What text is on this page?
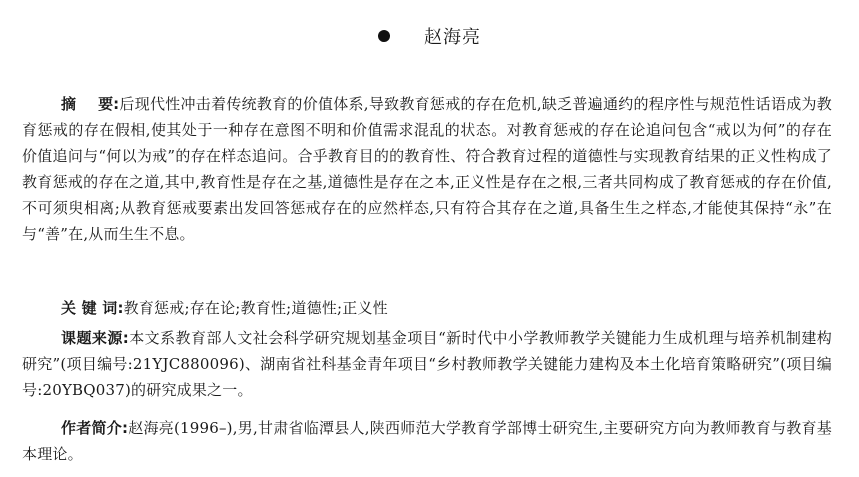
赵海亮

摘要:后现代性冲击着传统教育的价值体系,导致教育惩戒的存在危机,缺乏普遍通约的程序性与规范性话语成为教育惩戒的存在假相,使其处于一种存在意图不明和价值需求混乱的状态。对教育惩戒的存在论追问包含“戒以为何”的存在价值追问与“何以为戒”的存在样态追问。合乎教育目的的教育性、符合教育过程的道德性与实现教育结果的正义性构成了教育惩戒的存在之道,其中,教育性是存在之基,道德性是存在之本,正义性是存在之根,三者共同构成了教育惩戒的存在价值,不可须臾相离;从教育惩戒要素出发回答惩戒存在的应然样态,只有符合其存在之道,具备生生之样态,才能使其保持“永”在与“善”在,从而生生不息。

关 键 词:教育惩戒;存在论;教育性;道德性;正义性

课题来源:本文系教育部人文社会科学研究规划基金项目“新时代中小学教师教学关键能力生成机理与培养机制建构研究”(项目编号:21YJC880096)、湖南省社科基金青年项目“乡村教师教学关键能力建构及本土化培育策略研究”(项目编号:20YBQ037)的研究成果之一。

作者简介:赵海亮(1996–),男,甘肃省临潭县人,陕西师范大学教育学部博士研究生,主要研究方向为教师教育与教育基本理论。
